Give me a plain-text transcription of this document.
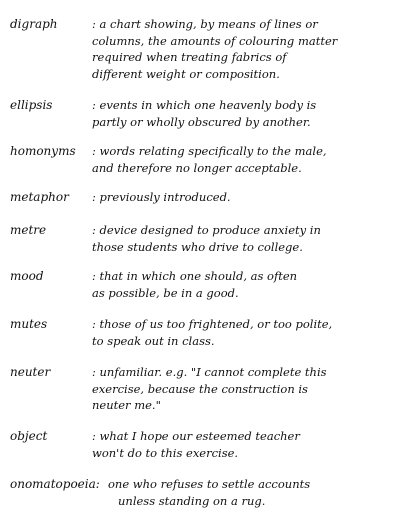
digraph	: a chart showing, by means of lines or
columns, the amounts of colouring matter
required when treating fabrics of
different weight or composition.
ellipsis	: events in which one heavenly body is
partly or wholly obscured by another.
homonyms : words relating specifically to the male,
and therefore no longer acceptable.
metaphor : previously introduced.
metre	: device designed to produce anxiety in
those students who drive to college.
mood	: that in which one should, as often
as possible, be in a good.
mutes	: those of us too frightened, or too polite,
to speak out in class.
neuter	: unfamiliar. e.g. "I cannot complete this
exercise, because the construction is
neuter me."
object	: what I hope our esteemed teacher
won't do to this exercise.
onomatopoeia: one who refuses to settle accounts
unless standing on a rug.
